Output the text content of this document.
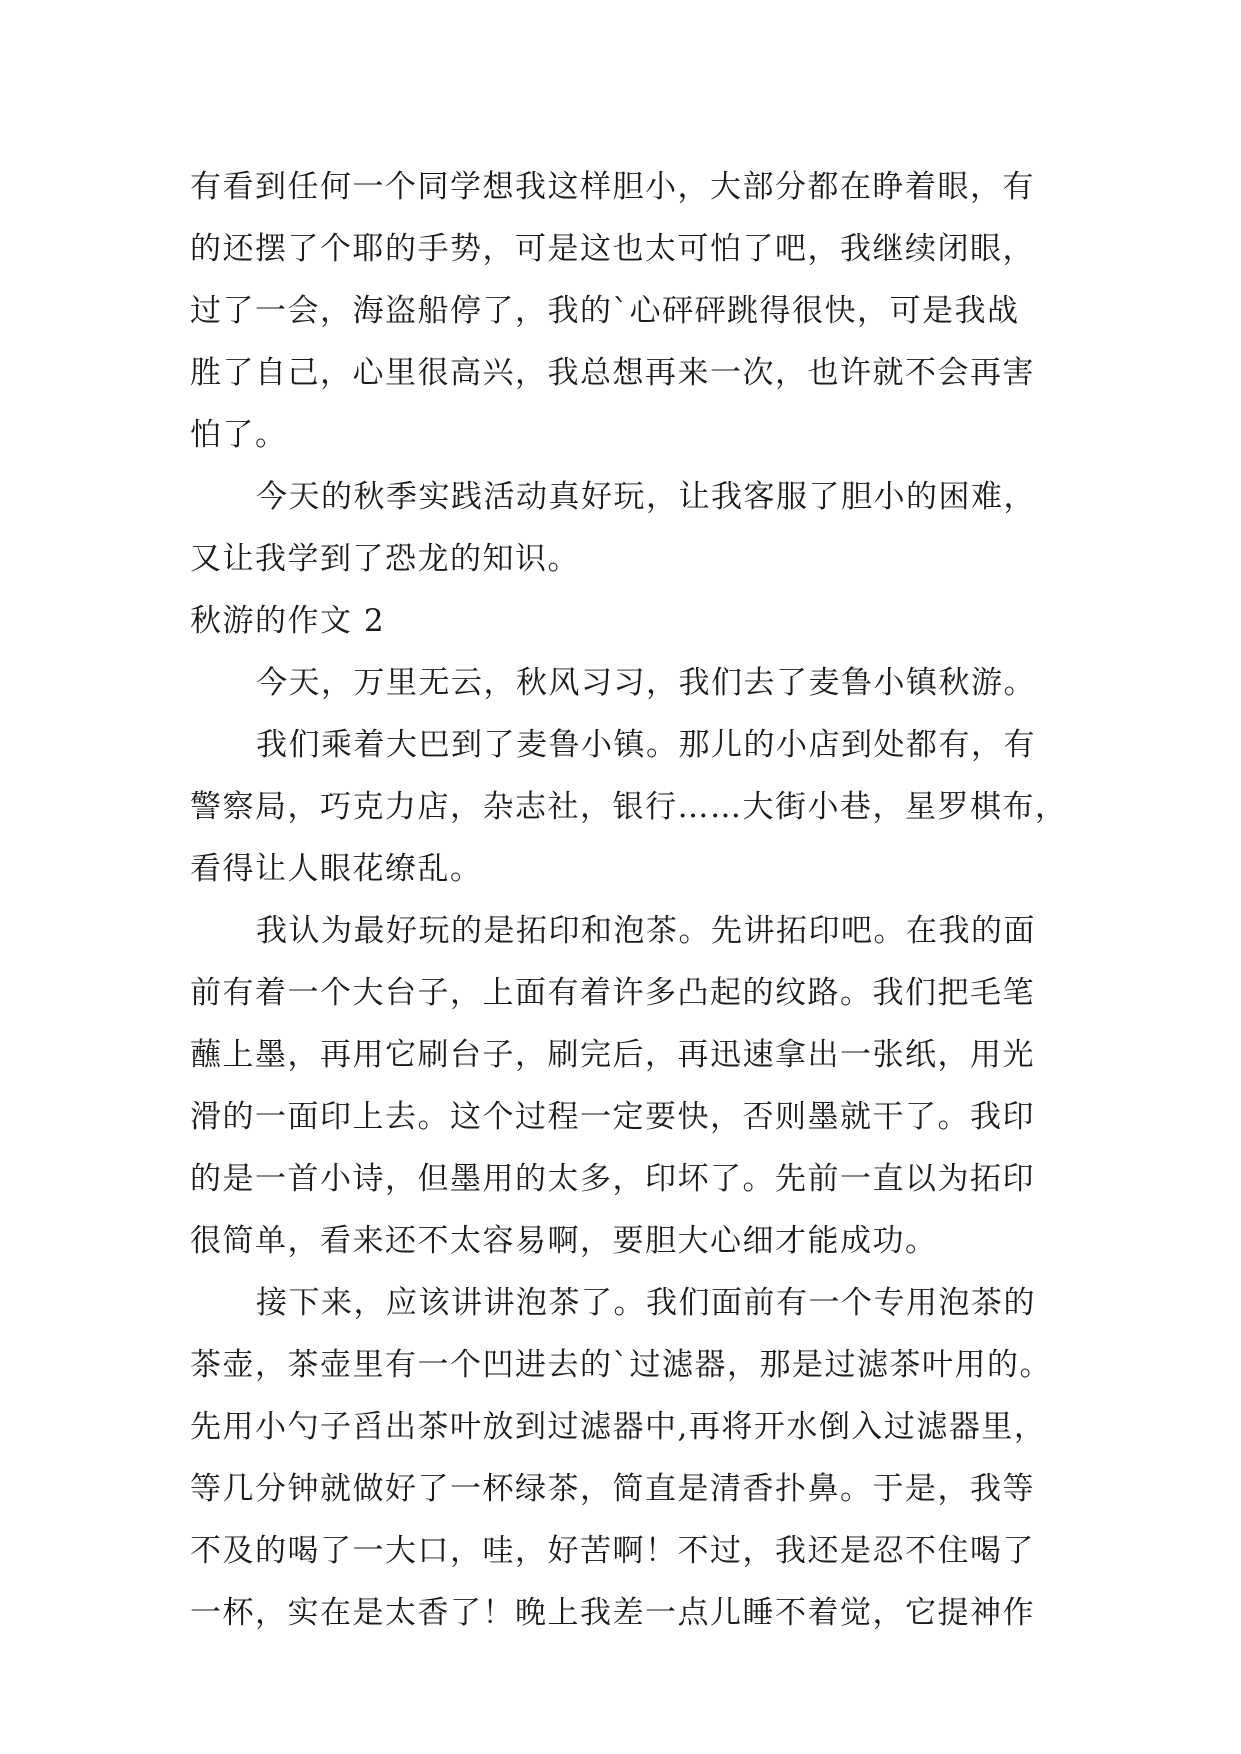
有看到任何一个同学想我这样胆小，大部分都在睁着眼，有
的还摆了个耶的手势，可是这也太可怕了吧，我继续闭眼，
过了一会，海盗船停了，我的`心砰砰跳得很快，可是我战
胜了自己，心里很高兴，我总想再来一次，也许就不会再害
怕了。
今天的秋季实践活动真好玩，让我客服了胆小的困难，
又让我学到了恐龙的知识。
秋游的作文 2
今天，万里无云，秋风习习，我们去了麦鲁小镇秋游。
我们乘着大巴到了麦鲁小镇。那儿的小店到处都有，有
警察局，巧克力店，杂志社，银行……大街小巷，星罗棋布，
看得让人眼花缭乱。
我认为最好玩的是拓印和泡茶。先讲拓印吧。在我的面
前有着一个大台子，上面有着许多凸起的纹路。我们把毛笔
蘸上墨，再用它刷台子，刷完后，再迅速拿出一张纸，用光
滑的一面印上去。这个过程一定要快，否则墨就干了。我印
的是一首小诗，但墨用的太多，印坏了。先前一直以为拓印
很简单，看来还不太容易啊，要胆大心细才能成功。
接下来，应该讲讲泡茶了。我们面前有一个专用泡茶的
茶壶，茶壶里有一个凹进去的`过滤器，那是过滤茶叶用的。
先用小勺子舀出茶叶放到过滤器中,再将开水倒入过滤器里，
等几分钟就做好了一杯绿茶，简直是清香扑鼻。于是，我等
不及的喝了一大口，哇，好苦啊！不过，我还是忍不住喝了
一杯，实在是太香了！晚上我差一点儿睡不着觉，它提神作
